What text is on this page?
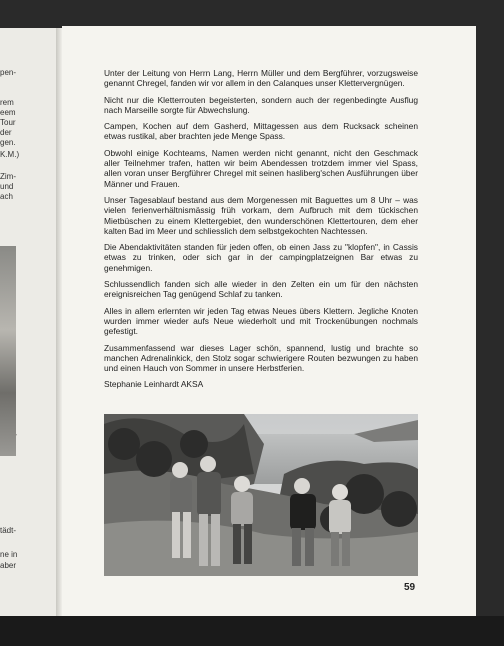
pen-
rem
eem
Tour
der
gen.
K.M.)
Zim-
und
ach
tädt-
ne in
aber

Unter der Leitung von Herrn Lang, Herrn Müller und dem Bergführer, vorzugsweise genannt Chregel, fanden wir vor allem in den Calanques unser Klettervergnügen.

Nicht nur die Kletterrouten begeisterten, sondern auch der regenbedingte Ausflug nach Marseille sorgte für Abwechslung.

Campen, Kochen auf dem Gasherd, Mittagessen aus dem Rucksack scheinen etwas rustikal, aber brachten jede Menge Spass.

Obwohl einige Kochteams, Namen werden nicht genannt, nicht den Geschmack aller Teilnehmer trafen, hatten wir beim Abendessen trotzdem immer viel Spass, allen voran unser Bergführer Chregel mit seinen hasliberg'schen Ausführungen über Männer und Frauen.

Unser Tagesablauf bestand aus dem Morgenessen mit Baguettes um 8 Uhr – was vielen ferienverhältnismässig früh vorkam, dem Aufbruch mit dem tückischen Mietbüschen zu einem Klettergebiet, den wunderschönen Klettertouren, dem eher kalten Bad im Meer und schliesslich dem selbstgekochten Nachtessen.

Die Abendaktivitäten standen für jeden offen, ob einen Jass zu "klopfen", in Cassis etwas zu trinken, oder sich gar in der campingplatzeignen Bar etwas zu genehmigen.

Schlussendlich fanden sich alle wieder in den Zelten ein um für den nächsten ereignisreichen Tag genügend Schlaf zu tanken.

Alles in allem erlernten wir jeden Tag etwas Neues übers Klettern. Jegliche Knoten wurden immer wieder aufs Neue wiederholt und mit Trockenübungen nochmals gefestigt.

Zusammenfassend war dieses Lager schön, spannend, lustig und brachte so manchen Adrenalinkick, den Stolz sogar schwierigere Routen bezwungen zu haben und einen Hauch von Sommer in unsere Herbstferien.

Stephanie Leinhardt AKSA

59
